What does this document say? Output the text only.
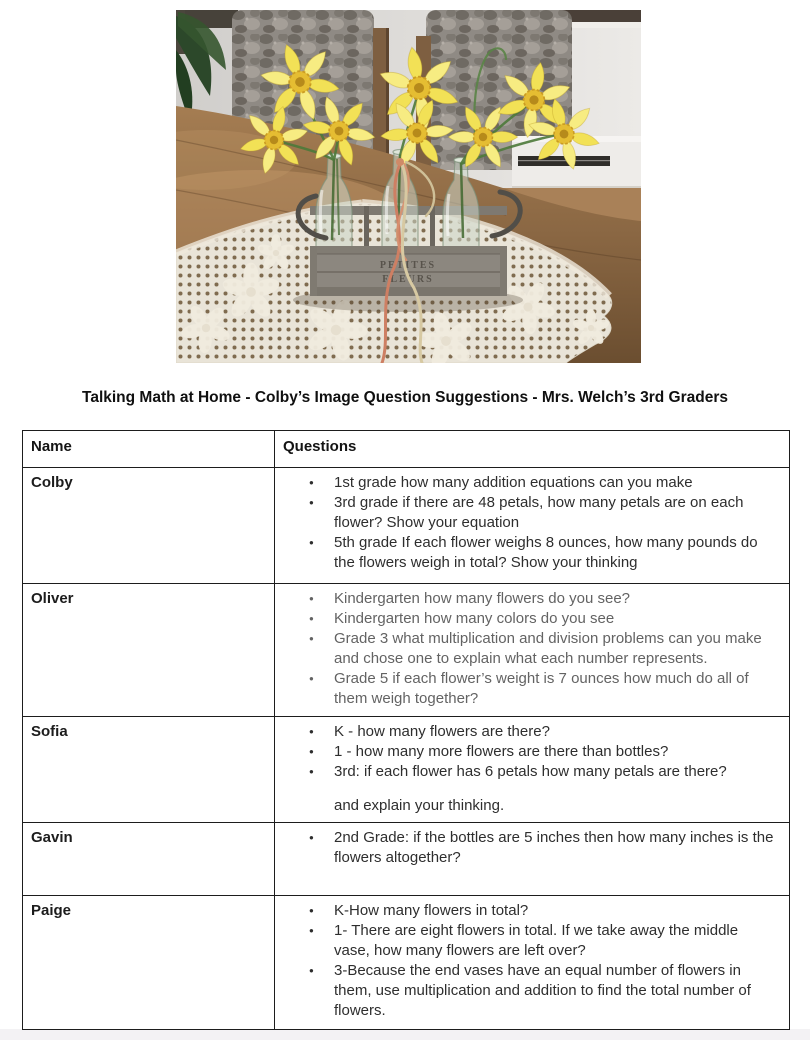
PETITES
FLEURS
Talking Math at Home - Colby’s Image Question Suggestions - Mrs. Welch’s 3rd Graders
Name	Questions
Colby	
●1st grade how many addition equations can you make
● 3rd grade if there are 48 petals, how many petals are on each flower? Show your equation
● 5th grade If each flower weighs 8 ounces, how many pounds do the flowers weigh in total? Show your thinking

Oliver	
●Kindergarten how many flowers do you see?
● Kindergarten how many colors do you see
● Grade 3 what multiplication and division problems can you make and chose one to explain what each number represents.
● Grade 5 if each flower’s weight is 7 ounces how much do all of them weigh together?

Sofia	
●K - how many flowers are there?
● 1 - how many more flowers are there than bottles?
● 3rd: if each flower has 6 petals how many petals are there?
and explain your thinking.

Gavin	
●2nd Grade: if the bottles are 5 inches then how many inches is the flowers altogether?

Paige	
●K-How many flowers in total?
● 1- There are eight flowers in total. If we take away the middle vase, how many flowers are left over?
● 3-Because the end vases have an equal number of flowers in them, use multiplication and addition to find the total number of flowers.
